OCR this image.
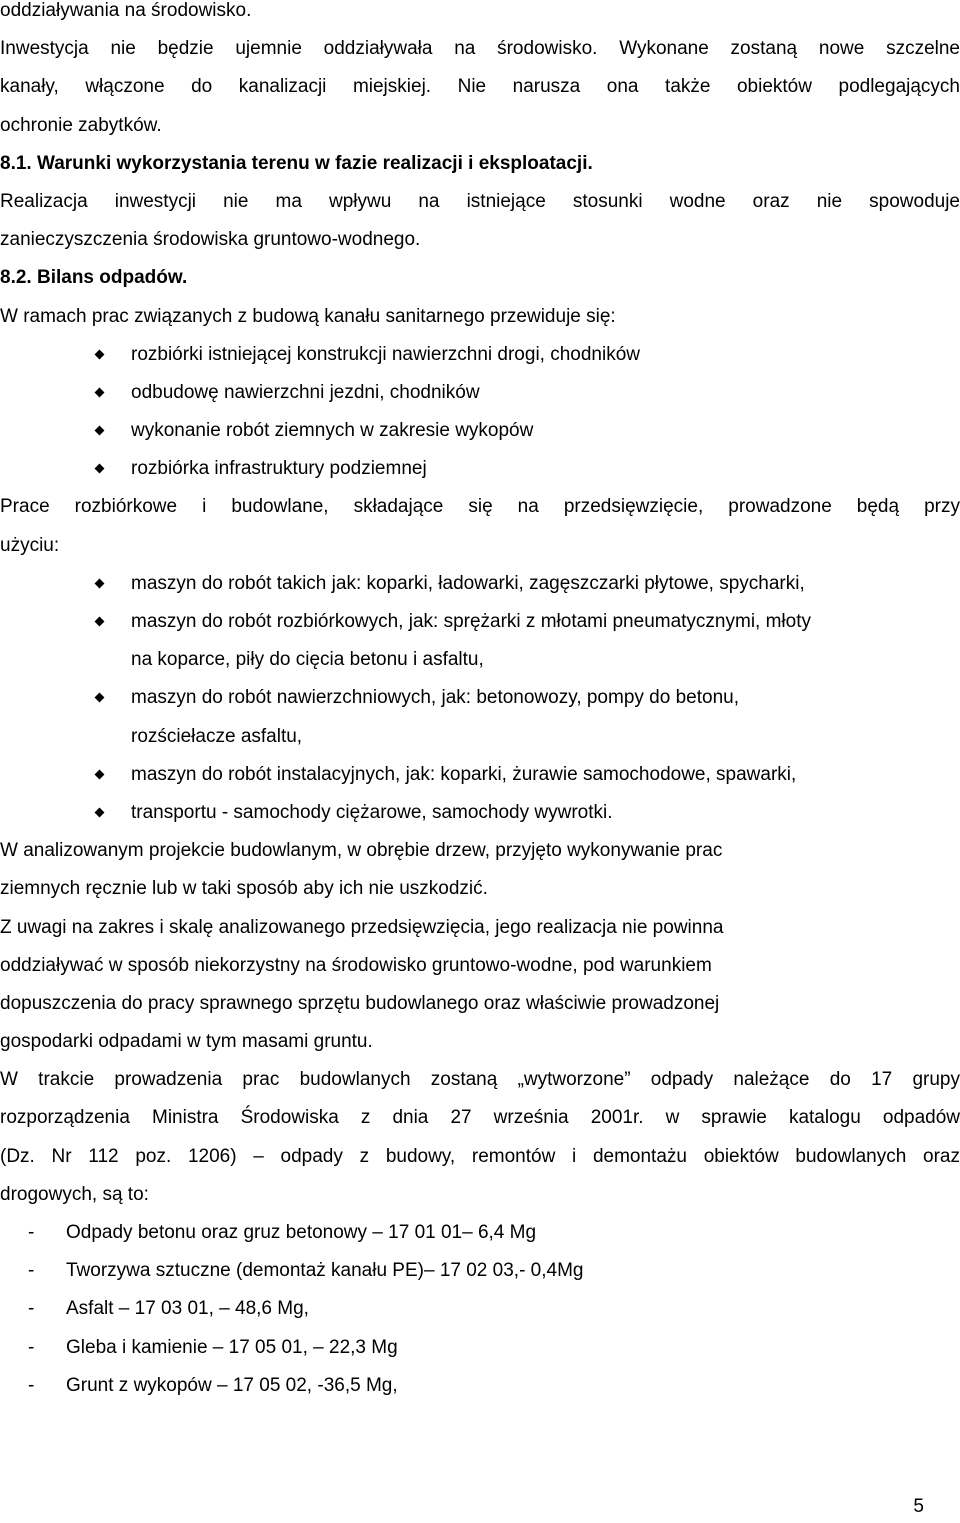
oddziaływania na środowisko.
Inwestycja nie będzie ujemnie oddziaływała na środowisko. Wykonane zostaną nowe szczelne
kanały, włączone do kanalizacji miejskiej. Nie narusza ona także obiektów podlegających
ochronie zabytków.
8.1. Warunki wykorzystania terenu w fazie realizacji i eksploatacji.
Realizacja inwestycji nie ma wpływu na istniejące stosunki wodne oraz nie spowoduje
zanieczyszczenia środowiska gruntowo-wodnego.
8.2. Bilans odpadów.
W ramach prac związanych z budową kanału sanitarnego przewiduje się:
rozbiórki istniejącej konstrukcji nawierzchni drogi, chodników
odbudowę nawierzchni jezdni, chodników
wykonanie robót ziemnych w zakresie wykopów
rozbiórka infrastruktury podziemnej
Prace rozbiórkowe i budowlane, składające się na przedsięwzięcie, prowadzone będą przy
użyciu:
maszyn do robót takich jak: koparki, ładowarki, zagęszczarki płytowe, spycharki,
maszyn do robót rozbiórkowych, jak: sprężarki z młotami pneumatycznymi, młoty
na koparce, piły do cięcia betonu i asfaltu,
maszyn do robót nawierzchniowych, jak: betonowozy, pompy do betonu,
rozściełacze asfaltu,
maszyn do robót instalacyjnych, jak: koparki, żurawie samochodowe, spawarki,
transportu - samochody ciężarowe, samochody wywrotki.
W analizowanym projekcie budowlanym, w obrębie drzew, przyjęto wykonywanie prac
ziemnych ręcznie lub w taki sposób aby ich nie uszkodzić.
Z uwagi na zakres i skalę analizowanego przedsięwzięcia, jego realizacja nie powinna
oddziaływać w sposób niekorzystny na środowisko gruntowo-wodne, pod warunkiem
dopuszczenia do pracy sprawnego sprzętu budowlanego oraz właściwie prowadzonej
gospodarki odpadami w tym masami gruntu.
W trakcie prowadzenia prac budowlanych zostaną „wytworzone” odpady należące do 17 grupy
rozporządzenia Ministra Środowiska z dnia 27 września 2001r. w sprawie katalogu odpadów
(Dz. Nr 112 poz. 1206) – odpady z budowy, remontów i demontażu obiektów budowlanych oraz
drogowych, są to:
- Odpady betonu oraz gruz betonowy – 17 01 01– 6,4 Mg
- Tworzywa sztuczne (demontaż kanału PE)– 17 02 03,- 0,4Mg
- Asfalt – 17 03 01, – 48,6 Mg,
- Gleba i kamienie – 17 05 01, – 22,3 Mg
- Grunt z wykopów – 17 05 02, -36,5 Mg,
5
